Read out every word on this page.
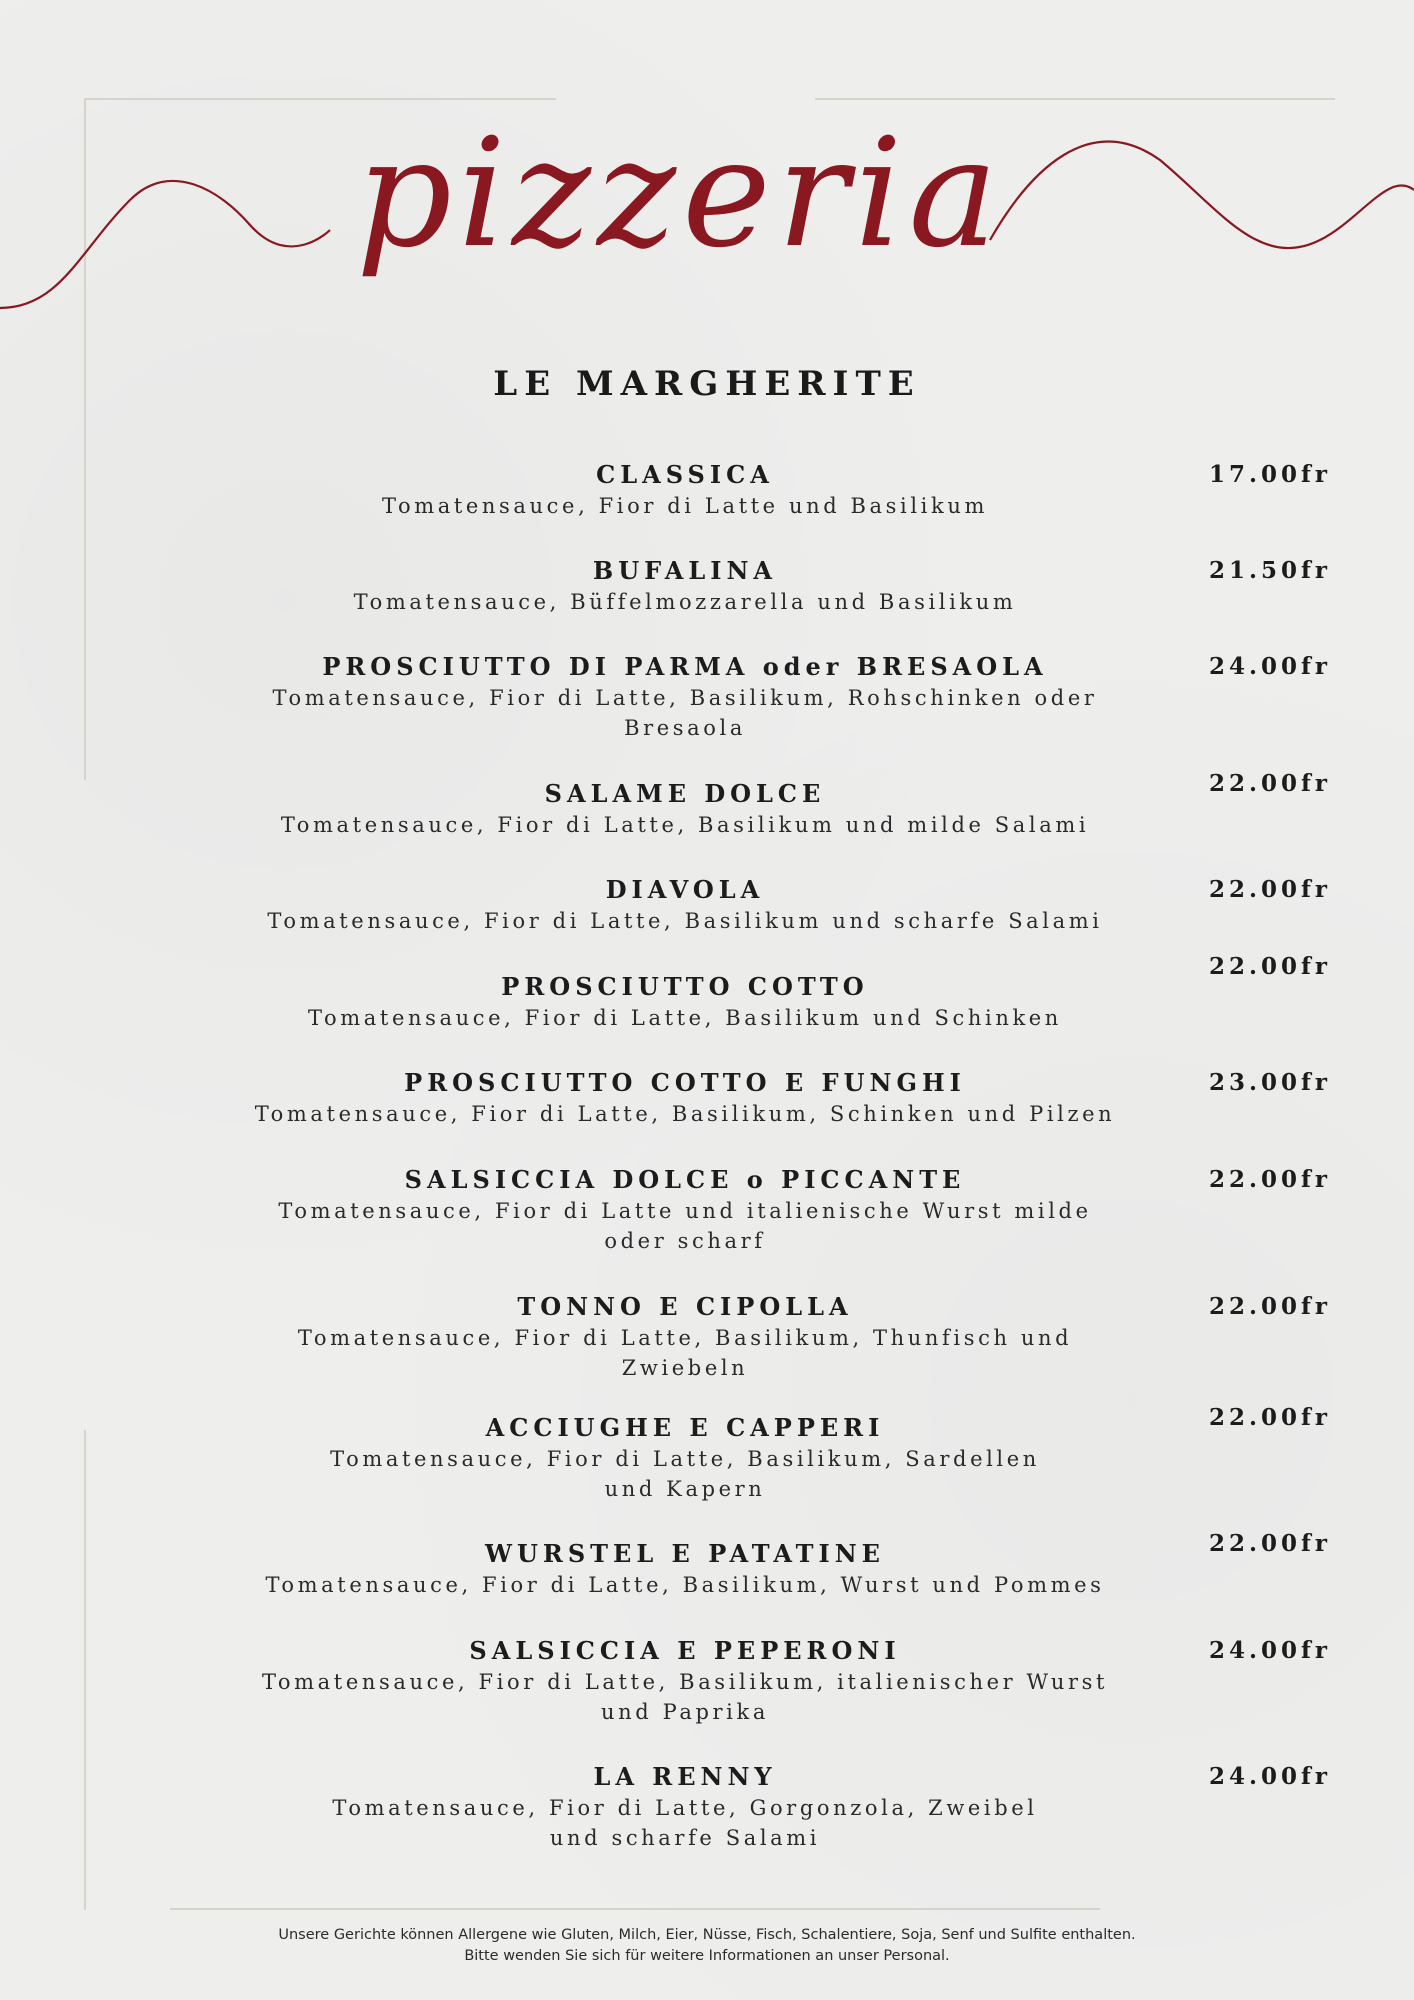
pizzeria
LE MARGHERITE
CLASSICA
Tomatensauce, Fior di Latte und Basilikum
17.00fr
BUFALINA
Tomatensauce, Büffelmozzarella und Basilikum
21.50fr
PROSCIUTTO DI PARMA oder BRESAOLA
Tomatensauce, Fior di Latte, Basilikum, Rohschinken oder
Bresaola
24.00fr
SALAME DOLCE
Tomatensauce, Fior di Latte, Basilikum und milde Salami
22.00fr
DIAVOLA
Tomatensauce, Fior di Latte, Basilikum und scharfe Salami
22.00fr
PROSCIUTTO COTTO
Tomatensauce, Fior di Latte, Basilikum und Schinken
22.00fr
PROSCIUTTO COTTO E FUNGHI
Tomatensauce, Fior di Latte, Basilikum, Schinken und Pilzen
23.00fr
SALSICCIA DOLCE o PICCANTE
Tomatensauce, Fior di Latte und italienische Wurst milde
oder scharf
22.00fr
TONNO E CIPOLLA
Tomatensauce, Fior di Latte, Basilikum, Thunfisch und
Zwiebeln
22.00fr
ACCIUGHE E CAPPERI
Tomatensauce, Fior di Latte, Basilikum, Sardellen
und Kapern
22.00fr
WURSTEL E PATATINE
Tomatensauce, Fior di Latte, Basilikum, Wurst und Pommes
22.00fr
SALSICCIA E PEPERONI
Tomatensauce, Fior di Latte, Basilikum, italienischer Wurst
und Paprika
24.00fr
LA RENNY
Tomatensauce, Fior di Latte, Gorgonzola, Zweibel
und scharfe Salami
24.00fr
Unsere Gerichte können Allergene wie Gluten, Milch, Eier, Nüsse, Fisch, Schalentiere, Soja, Senf und Sulfite enthalten.
Bitte wenden Sie sich für weitere Informationen an unser Personal.
